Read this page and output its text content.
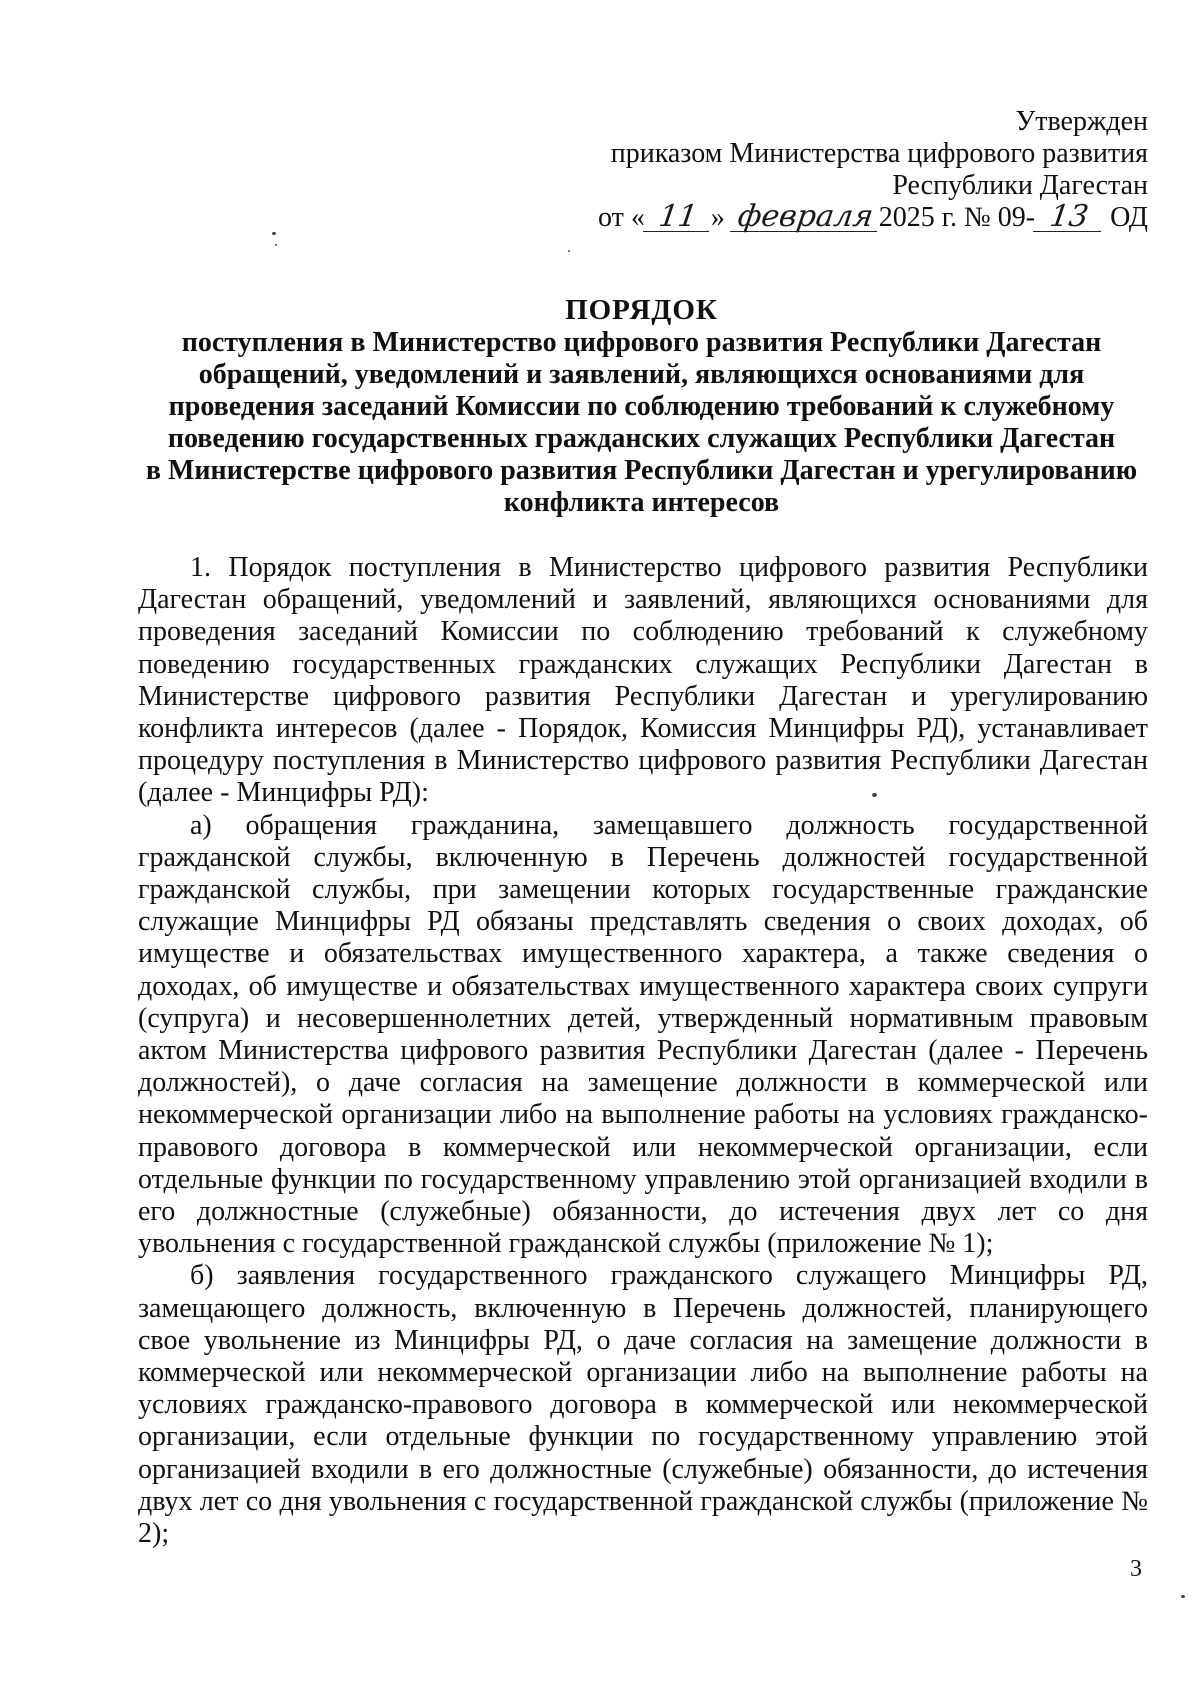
Утвержден
приказом Министерства цифрового развития
Республики Дагестан
от « 11 » февраля 2025 г. № 09- 13 ОД
ПОРЯДОК
поступления в Министерство цифрового развития Республики Дагестан
обращений, уведомлений и заявлений, являющихся основаниями для
проведения заседаний Комиссии по соблюдению требований к служебному
поведению государственных гражданских служащих Республики Дагестан
в Министерстве цифрового развития Республики Дагестан и урегулированию
конфликта интересов

1. Порядок поступления в Министерство цифрового развития Республики Дагестан обращений, уведомлений и заявлений, являющихся основаниями для проведения заседаний Комиссии по соблюдению требований к служебному поведению государственных гражданских служащих Республики Дагестан в Министерстве цифрового развития Республики Дагестан и урегулированию конфликта интересов (далее - Порядок, Комиссия Минцифры РД), устанавливает процедуру поступления в Министерство цифрового развития Республики Дагестан (далее - Минцифры РД):

а) обращения гражданина, замещавшего должность государственной гражданской службы, включенную в Перечень должностей государственной гражданской службы, при замещении которых государственные гражданские служащие Минцифры РД обязаны представлять сведения о своих доходах, об имуществе и обязательствах имущественного характера, а также сведения о доходах, об имуществе и обязательствах имущественного характера своих супруги (супруга) и несовершеннолетних детей, утвержденный нормативным правовым актом Министерства цифрового развития Республики Дагестан (далее - Перечень должностей), о даче согласия на замещение должности в коммерческой или некоммерческой организации либо на выполнение работы на условиях гражданско-правового договора в коммерческой или некоммерческой организации, если отдельные функции по государственному управлению этой организацией входили в его должностные (служебные) обязанности, до истечения двух лет со дня увольнения с государственной гражданской службы (приложение № 1);

б) заявления государственного гражданского служащего Минцифры РД, замещающего должность, включенную в Перечень должностей, планирующего свое увольнение из Минцифры РД, о даче согласия на замещение должности в коммерческой или некоммерческой организации либо на выполнение работы на условиях гражданско-правового договора в коммерческой или некоммерческой организации, если отдельные функции по государственному управлению этой организацией входили в его должностные (служебные) обязанности, до истечения двух лет со дня увольнения с государственной гражданской службы (приложение № 2);

3
